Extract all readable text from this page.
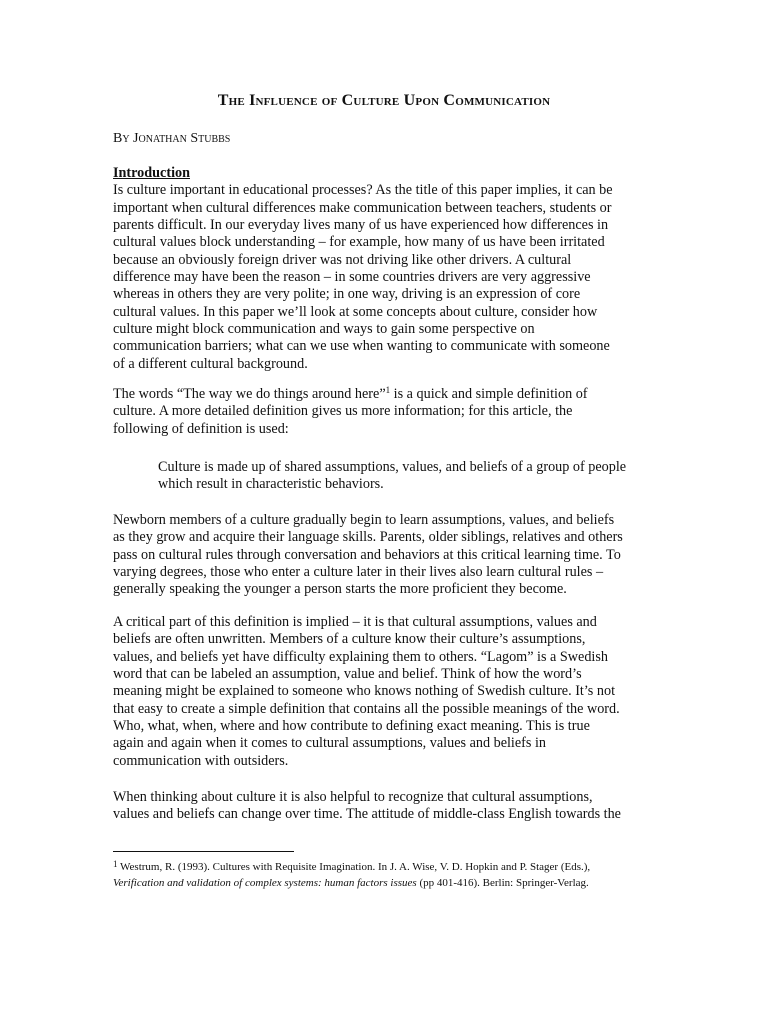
The Influence of Culture Upon Communication
By Jonathan Stubbs
Introduction
Is culture important in educational processes? As the title of this paper implies, it can be
important when cultural differences make communication between teachers, students or
parents difficult. In our everyday lives many of us have experienced how differences in
cultural values block understanding – for example, how many of us have been irritated
because an obviously foreign driver was not driving like other drivers. A cultural
difference may have been the reason – in some countries drivers are very aggressive
whereas in others they are very polite; in one way, driving is an expression of core
cultural values. In this paper we’ll look at some concepts about culture, consider how
culture might block communication and ways to gain some perspective on
communication barriers; what can we use when wanting to communicate with someone
of a different cultural background.
The words “The way we do things around here”$^1$ is a quick and simple definition of
culture. A more detailed definition gives us more information; for this article, the
following of definition is used:
Culture is made up of shared assumptions, values, and beliefs of a group of people
which result in characteristic behaviors.
Newborn members of a culture gradually begin to learn assumptions, values, and beliefs
as they grow and acquire their language skills. Parents, older siblings, relatives and others
pass on cultural rules through conversation and behaviors at this critical learning time. To
varying degrees, those who enter a culture later in their lives also learn cultural rules –
generally speaking the younger a person starts the more proficient they become.
A critical part of this definition is implied – it is that cultural assumptions, values and
beliefs are often unwritten. Members of a culture know their culture’s assumptions,
values, and beliefs yet have difficulty explaining them to others. “Lagom” is a Swedish
word that can be labeled an assumption, value and belief. Think of how the word’s
meaning might be explained to someone who knows nothing of Swedish culture. It’s not
that easy to create a simple definition that contains all the possible meanings of the word.
Who, what, when, where and how contribute to defining exact meaning. This is true
again and again when it comes to cultural assumptions, values and beliefs in
communication with outsiders.
When thinking about culture it is also helpful to recognize that cultural assumptions,
values and beliefs can change over time. The attitude of middle-class English towards the
$^1$ Westrum, R. (1993). Cultures with Requisite Imagination. In J. A. Wise, V. D. Hopkin and P. Stager (Eds.),
Verification and validation of complex systems: human factors issues (pp 401-416). Berlin: Springer-Verlag.
